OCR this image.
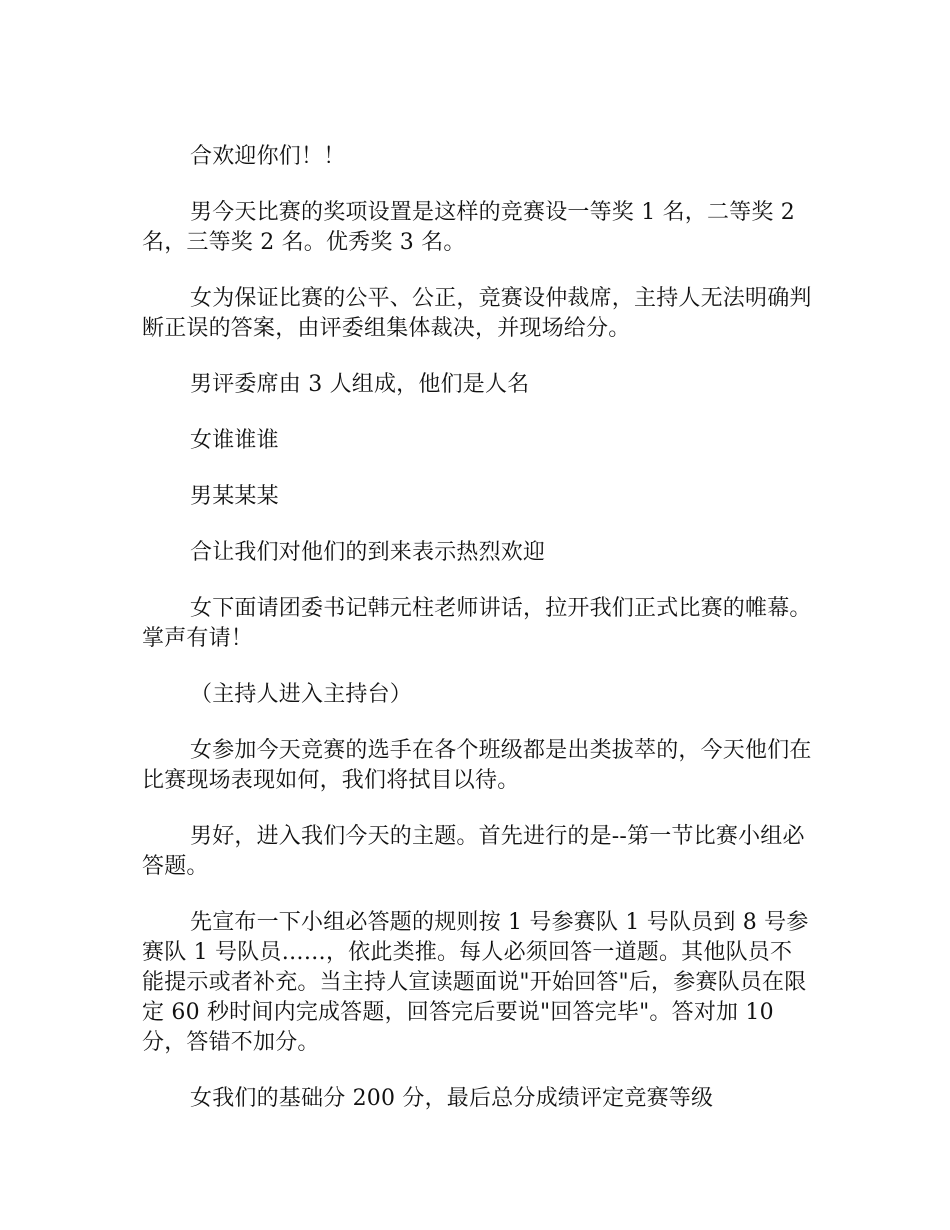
合欢迎你们！！

男今天比赛的奖项设置是这样的竞赛设一等奖 1 名，二等奖 2 名，三等奖 2 名。优秀奖 3 名。

女为保证比赛的公平、公正，竞赛设仲裁席，主持人无法明确判断正误的答案，由评委组集体裁决，并现场给分。

男评委席由 3 人组成，他们是人名

女谁谁谁

男某某某

合让我们对他们的到来表示热烈欢迎

女下面请团委书记韩元柱老师讲话，拉开我们正式比赛的帷幕。掌声有请！

（主持人进入主持台）

女参加今天竞赛的选手在各个班级都是出类拔萃的，今天他们在比赛现场表现如何，我们将拭目以待。

男好，进入我们今天的主题。首先进行的是--第一节比赛小组必答题。

先宣布一下小组必答题的规则按 1 号参赛队 1 号队员到 8 号参赛队 1 号队员……，依此类推。每人必须回答一道题。其他队员不能提示或者补充。当主持人宣读题面说"开始回答"后，参赛队员在限定 60 秒时间内完成答题，回答完后要说"回答完毕"。答对加 10 分，答错不加分。

女我们的基础分 200 分，最后总分成绩评定竞赛等级
